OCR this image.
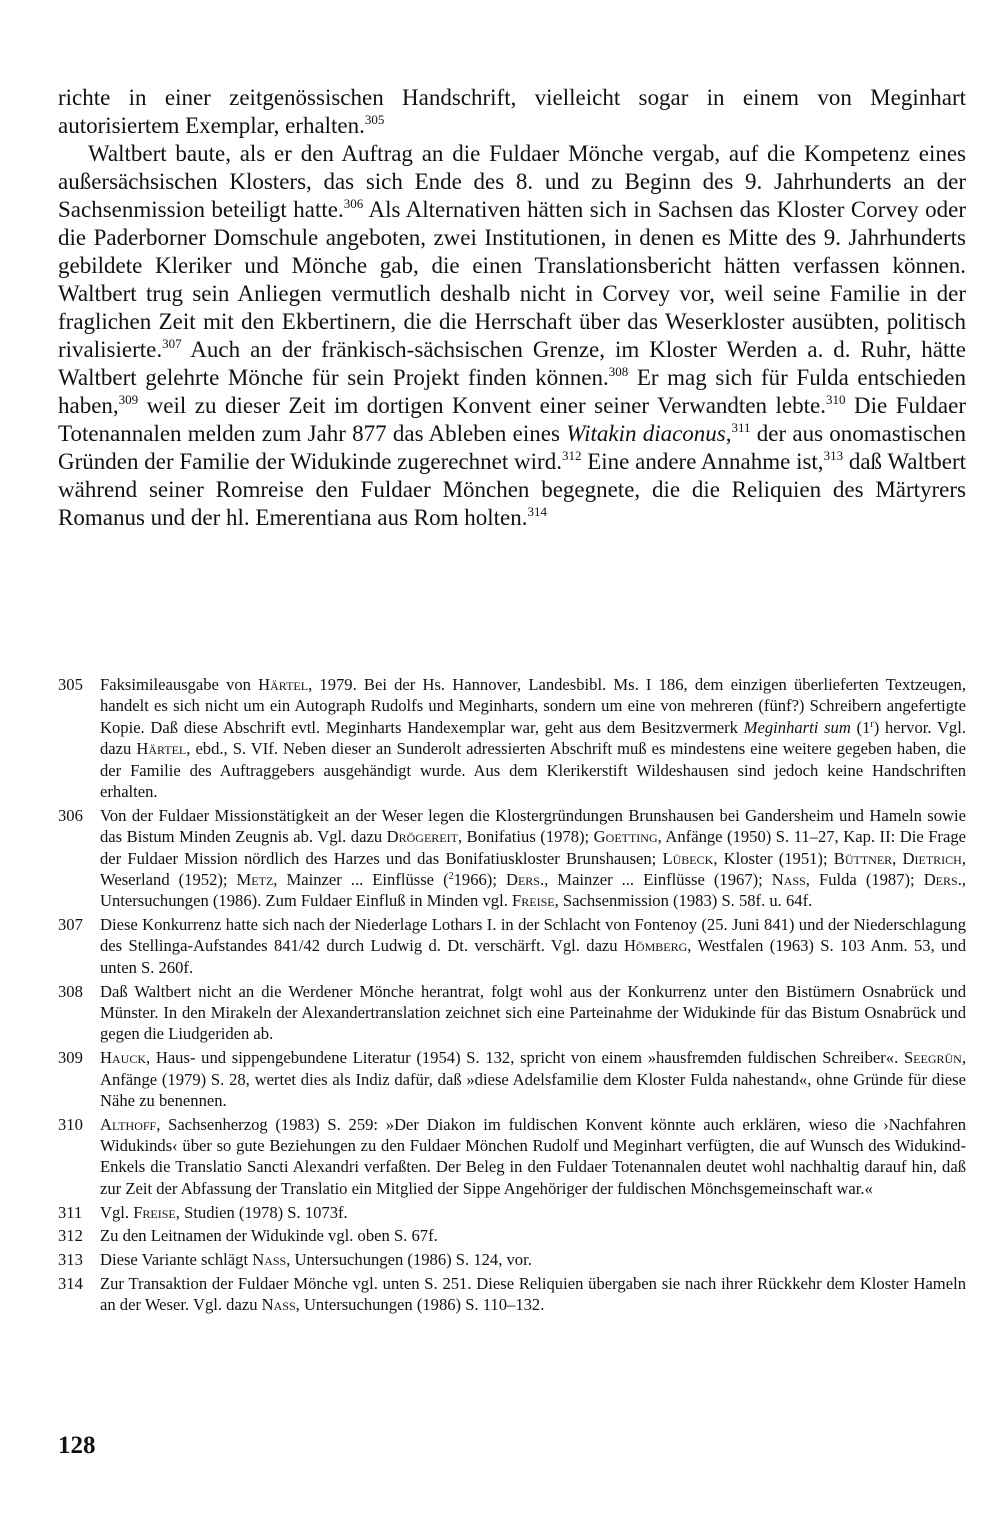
richte in einer zeitgenössischen Handschrift, vielleicht sogar in einem von Meginhart autorisiertem Exemplar, erhalten.$^{305}$

Waltbert baute, als er den Auftrag an die Fuldaer Mönche vergab, auf die Kompetenz eines außersächsischen Klosters, das sich Ende des 8. und zu Beginn des 9. Jahrhunderts an der Sachsenmission beteiligt hatte.$^{306}$ Als Alternativen hätten sich in Sachsen das Kloster Corvey oder die Paderborner Domschule angeboten, zwei Institutionen, in denen es Mitte des 9. Jahrhunderts gebildete Kleriker und Mönche gab, die einen Translationsbericht hätten verfassen können. Waltbert trug sein Anliegen vermutlich deshalb nicht in Corvey vor, weil seine Familie in der fraglichen Zeit mit den Ekbertinern, die die Herrschaft über das Weserkloster ausübten, politisch rivalisierte.$^{307}$ Auch an der fränkisch-sächsischen Grenze, im Kloster Werden a. d. Ruhr, hätte Waltbert gelehrte Mönche für sein Projekt finden können.$^{308}$ Er mag sich für Fulda entschieden haben,$^{309}$ weil zu dieser Zeit im dortigen Konvent einer seiner Verwandten lebte.$^{310}$ Die Fuldaer Totenannalen melden zum Jahr 877 das Ableben eines Witakin diaconus,$^{311}$ der aus onomastischen Gründen der Familie der Widukinde zugerechnet wird.$^{312}$ Eine andere Annahme ist,$^{313}$ daß Waltbert während seiner Romreise den Fuldaer Mönchen begegnete, die die Reliquien des Märtyrers Romanus und der hl. Emerentiana aus Rom holten.$^{314}$

305 Faksimileausgabe von Härtel, 1979. Bei der Hs. Hannover, Landesbibl. Ms. I 186, dem einzigen überlieferten Textzeugen, handelt es sich nicht um ein Autograph Rudolfs und Meginharts, sondern um eine von mehreren (fünf?) Schreibern angefertigte Kopie. Daß diese Abschrift evtl. Meginharts Handexemplar war, geht aus dem Besitzvermerk Meginharti sum (1$^r$) hervor. Vgl. dazu Härtel, ebd., S. VIf. Neben dieser an Sunderolt adressierten Abschrift muß es mindestens eine weitere gegeben haben, die der Familie des Auftraggebers ausgehändigt wurde. Aus dem Klerikerstift Wildeshausen sind jedoch keine Handschriften erhalten.
306 Von der Fuldaer Missionstätigkeit an der Weser legen die Klostergründungen Brunshausen bei Gandersheim und Hameln sowie das Bistum Minden Zeugnis ab. Vgl. dazu Drögereit, Bonifatius (1978); Goetting, Anfänge (1950) S. 11–27, Kap. II: Die Frage der Fuldaer Mission nördlich des Harzes und das Bonifatiuskloster Brunshausen; Lübeck, Kloster (1951); Büttner, Dietrich, Weserland (1952); Metz, Mainzer ... Einflüsse ($^2$1966); Ders., Mainzer ... Einflüsse (1967); Nass, Fulda (1987); Ders., Untersuchungen (1986). Zum Fuldaer Einfluß in Minden vgl. Freise, Sachsenmission (1983) S. 58f. u. 64f.
307 Diese Konkurrenz hatte sich nach der Niederlage Lothars I. in der Schlacht von Fontenoy (25. Juni 841) und der Niederschlagung des Stellinga-Aufstandes 841/42 durch Ludwig d. Dt. verschärft. Vgl. dazu Hömberg, Westfalen (1963) S. 103 Anm. 53, und unten S. 260f.
308 Daß Waltbert nicht an die Werdener Mönche herantrat, folgt wohl aus der Konkurrenz unter den Bistümern Osnabrück und Münster. In den Mirakeln der Alexandertranslation zeichnet sich eine Parteinahme der Widukinde für das Bistum Osnabrück und gegen die Liudgeriden ab.
309 Hauck, Haus- und sippengebundene Literatur (1954) S. 132, spricht von einem »hausfremden fuldischen Schreiber«. Seegrün, Anfänge (1979) S. 28, wertet dies als Indiz dafür, daß »diese Adelsfamilie dem Kloster Fulda nahestand«, ohne Gründe für diese Nähe zu benennen.
310 Althoff, Sachsenherzog (1983) S. 259: »Der Diakon im fuldischen Konvent könnte auch erklären, wieso die ›Nachfahren Widukinds‹ über so gute Beziehungen zu den Fuldaer Mönchen Rudolf und Meginhart verfügten, die auf Wunsch des Widukind-Enkels die Translatio Sancti Alexandri verfaßten. Der Beleg in den Fuldaer Totenannalen deutet wohl nachhaltig darauf hin, daß zur Zeit der Abfassung der Translatio ein Mitglied der Sippe Angehöriger der fuldischen Mönchsgemeinschaft war.«
311 Vgl. Freise, Studien (1978) S. 1073f.
312 Zu den Leitnamen der Widukinde vgl. oben S. 67f.
313 Diese Variante schlägt Nass, Untersuchungen (1986) S. 124, vor.
314 Zur Transaktion der Fuldaer Mönche vgl. unten S. 251. Diese Reliquien übergaben sie nach ihrer Rückkehr dem Kloster Hameln an der Weser. Vgl. dazu Nass, Untersuchungen (1986) S. 110–132.
128
